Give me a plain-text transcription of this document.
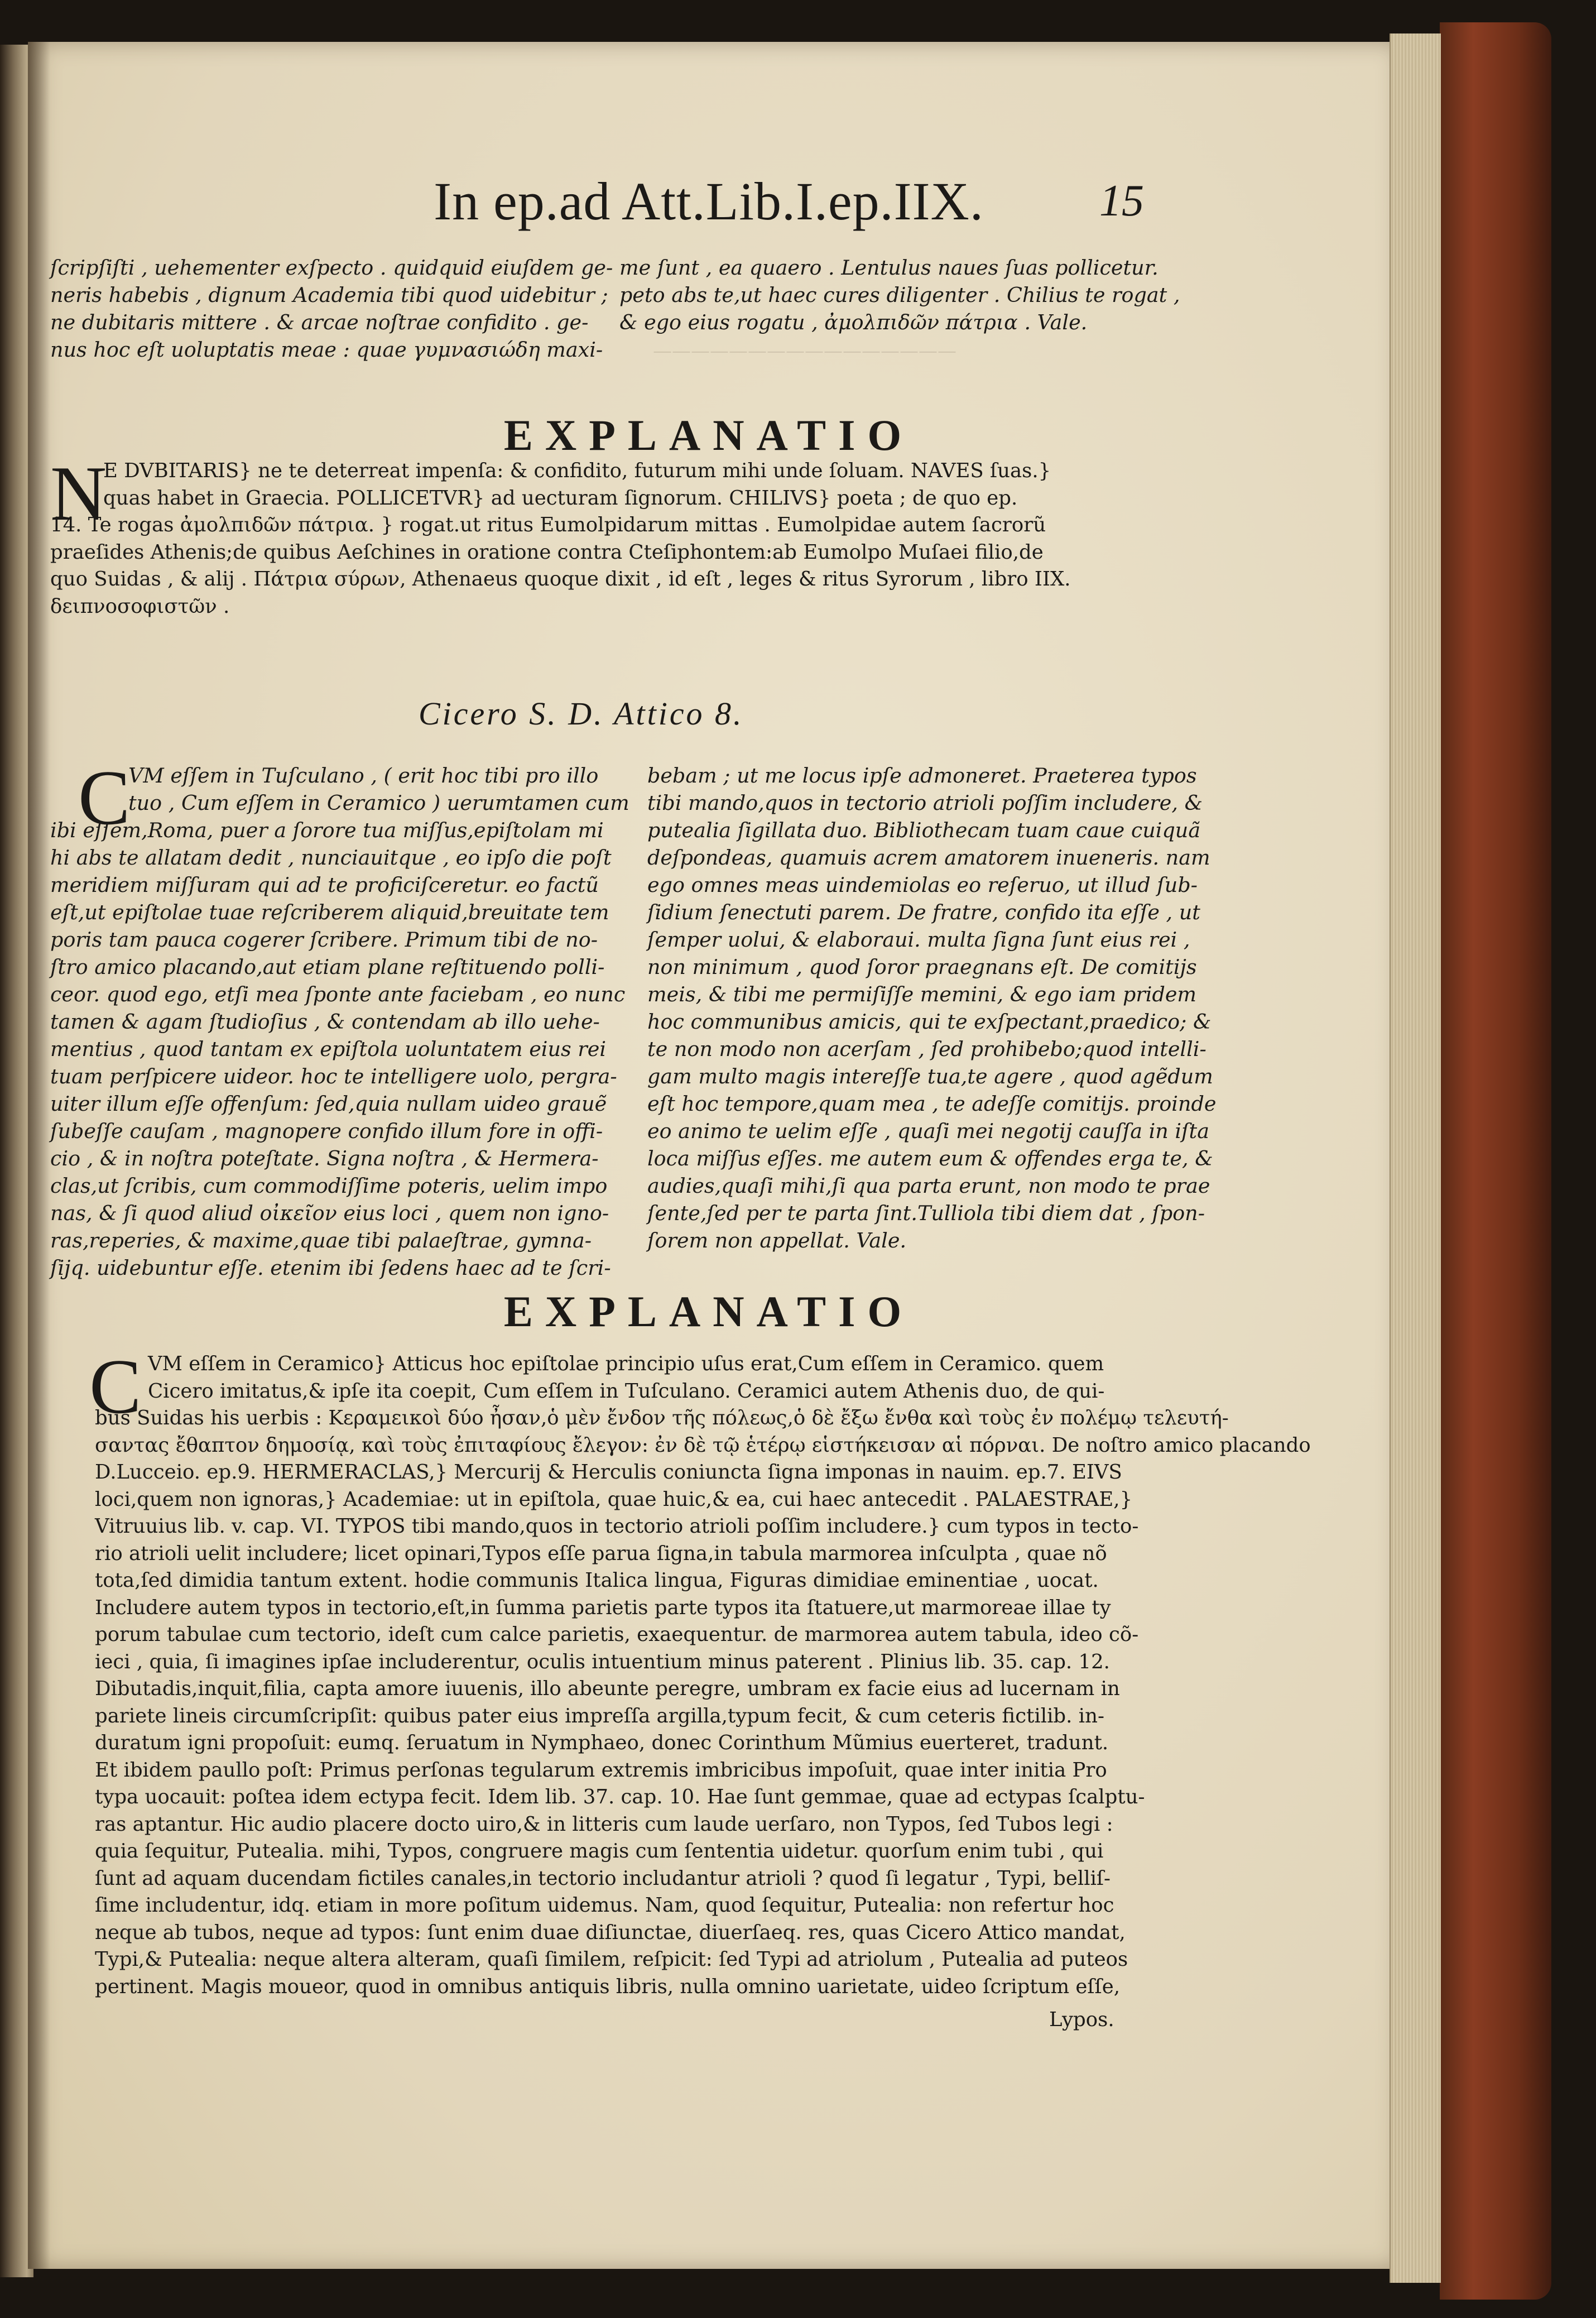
————————————————
In ep.ad Att.Lib.I.ep.IIX.	15
ſcripſiſti , uehementer exſpecto . quidquid eiuſdem ge-
neris habebis , dignum Academia tibi quod uidebitur ;
ne dubitaris mittere . & arcae noſtrae confidito . ge-
nus hoc eſt uoluptatis meae : quae γυμνασιώδη maxi-
me ſunt , ea quaero . Lentulus naues ſuas pollicetur.
peto abs te,ut haec cures diligenter . Chilius te rogat ,
& ego eius rogatu , ἀμολπιδῶν πάτρια . Vale.
EXPLANATIO
N
E DVBITARIS} ne te deterreat impenſa: & confidito, futurum mihi unde ſoluam. NAVES ſuas.}
quas habet in Graecia. POLLICETVR} ad uecturam ſignorum. CHILIVS} poeta ; de quo ep.
14. Te rogas ἀμολπιδῶν πάτρια. } rogat.ut ritus Eumolpidarum mittas . Eumolpidae autem ſacrorũ
praeſides Athenis;de quibus Aeſchines in oratione contra Cteſiphontem:ab Eumolpo Muſaei filio,de
quo Suidas , & alij . Πάτρια σύρων, Athenaeus quoque dixit , id eſt , leges & ritus Syrorum , libro IIX.
δειπνοσοφιστῶν .
Cicero S. D. Attico 8.
C
VM eſſem in Tuſculano , ( erit hoc tibi pro illo
tuo , Cum eſſem in Ceramico ) uerumtamen cum
ibi eſſem,Roma, puer a ſorore tua miſſus,epiſtolam mi
hi abs te allatam dedit , nunciauitque , eo ipſo die poſt
meridiem miſſuram qui ad te proficiſceretur. eo factũ
eſt,ut epiſtolae tuae reſcriberem aliquid,breuitate tem
poris tam pauca cogerer ſcribere. Primum tibi de no-
ſtro amico placando,aut etiam plane reſtituendo polli-
ceor. quod ego, etſi mea ſponte ante faciebam , eo nunc
tamen & agam ſtudioſius , & contendam ab illo uehe-
mentius , quod tantam ex epiſtola uoluntatem eius rei
tuam perſpicere uideor. hoc te intelligere uolo, pergra-
uiter illum eſſe offenſum: ſed,quia nullam uideo grauẽ
ſubeſſe cauſam , magnopere confido illum fore in offi-
cio , & in noſtra poteſtate. Signa noſtra , & Hermera-
clas,ut ſcribis, cum commodiſſime poteris, uelim impo
nas, & ſi quod aliud οἰκεῖον eius loci , quem non igno-
ras,reperies, & maxime,quae tibi palaeſtrae, gymna-
ſijq. uidebuntur eſſe. etenim ibi ſedens haec ad te ſcri-
bebam ; ut me locus ipſe admoneret. Praeterea typos
tibi mando,quos in tectorio atrioli poſſim includere, &
putealia ſigillata duo. Bibliothecam tuam caue cuiquã
deſpondeas, quamuis acrem amatorem inueneris. nam
ego omnes meas uindemiolas eo reſeruo, ut illud ſub-
ſidium ſenectuti parem. De fratre, confido ita eſſe , ut
ſemper uolui, & elaboraui. multa ſigna ſunt eius rei ,
non minimum , quod ſoror praegnans eſt. De comitijs
meis, & tibi me permiſiſſe memini, & ego iam pridem
hoc communibus amicis, qui te exſpectant,praedico; &
te non modo non acerſam , ſed prohibebo;quod intelli-
gam multo magis intereſſe tua,te agere , quod agẽdum
eſt hoc tempore,quam mea , te adeſſe comitijs. proinde
eo animo te uelim eſſe , quaſi mei negotij cauſſa in iſta
loca miſſus eſſes. me autem eum & offendes erga te, &
audies,quaſi mihi,ſi qua parta erunt, non modo te prae
ſente,ſed per te parta ſint.Tulliola tibi diem dat , ſpon-
ſorem non appellat. Vale.
EXPLANATIO
C VM eſſem in Ceramico} Atticus hoc epiſtolae principio uſus erat,Cum eſſem in Ceramico. quem
Cicero imitatus,& ipſe ita coepit, Cum eſſem in Tuſculano. Ceramici autem Athenis duo, de qui-
bus Suidas his uerbis : Κεραμεικοὶ δύο ἦσαν,ὁ μὲν ἔνδον τῆς πόλεως,ὁ δὲ ἔξω ἔνθα καὶ τοὺς ἐν πολέμῳ τελευτή-
σαντας ἔθαπτον δημοσίᾳ, καὶ τοὺς ἐπιταφίους ἔλεγον: ἐν δὲ τῷ ἑτέρῳ εἱστήκεισαν αἱ πόρναι. De noſtro amico placando
D.Lucceio. ep.9. HERMERACLAS,} Mercurij & Herculis coniuncta ſigna imponas in nauim. ep.7. EIVS
loci,quem non ignoras,} Academiae: ut in epiſtola, quae huic,& ea, cui haec antecedit . PALAESTRAE,}
Vitruuius lib. v. cap. VI. TYPOS tibi mando,quos in tectorio atrioli poſſim includere.} cum typos in tecto-
rio atrioli uelit includere; licet opinari,Typos eſſe parua ſigna,in tabula marmorea inſculpta , quae nõ
tota,ſed dimidia tantum extent. hodie communis Italica lingua, Figuras dimidiae eminentiae , uocat.
Includere autem typos in tectorio,eſt,in ſumma parietis parte typos ita ſtatuere,ut marmoreae illae ty
porum tabulae cum tectorio, ideſt cum calce parietis, exaequentur. de marmorea autem tabula, ideo cõ-
ieci , quia, ſi imagines ipſae includerentur, oculis intuentium minus paterent . Plinius lib. 35. cap. 12.
Dibutadis,inquit,filia, capta amore iuuenis, illo abeunte peregre, umbram ex facie eius ad lucernam in
pariete lineis circumſcripſit: quibus pater eius impreſſa argilla,typum fecit, & cum ceteris fictilib. in-
duratum igni propoſuit: eumq. ſeruatum in Nymphaeo, donec Corinthum Mũmius euerteret, tradunt.
Et ibidem paullo poſt: Primus perſonas tegularum extremis imbricibus impoſuit, quae inter initia Pro
typa uocauit: poſtea idem ectypa fecit. Idem lib. 37. cap. 10. Hae ſunt gemmae, quae ad ectypas ſcalptu-
ras aptantur. Hic audio placere docto uiro,& in litteris cum laude uerſaro, non Typos, ſed Tubos legi :
quia ſequitur, Putealia. mihi, Typos, congruere magis cum ſententia uidetur. quorſum enim tubi , qui
ſunt ad aquam ducendam fictiles canales,in tectorio includantur atrioli ? quod ſi legatur , Typi, belliſ-
ſime includentur, idq. etiam in more poſitum uidemus. Nam, quod ſequitur, Putealia: non refertur hoc
neque ab tubos, neque ad typos: ſunt enim duae diſiunctae, diuerſaeq. res, quas Cicero Attico mandat,
Typi,& Putealia: neque altera alteram, quaſi ſimilem, reſpicit: ſed Typi ad atriolum , Putealia ad puteos
pertinent. Magis moueor, quod in omnibus antiquis libris, nulla omnino uarietate, uideo ſcriptum eſſe,
Lypos.
